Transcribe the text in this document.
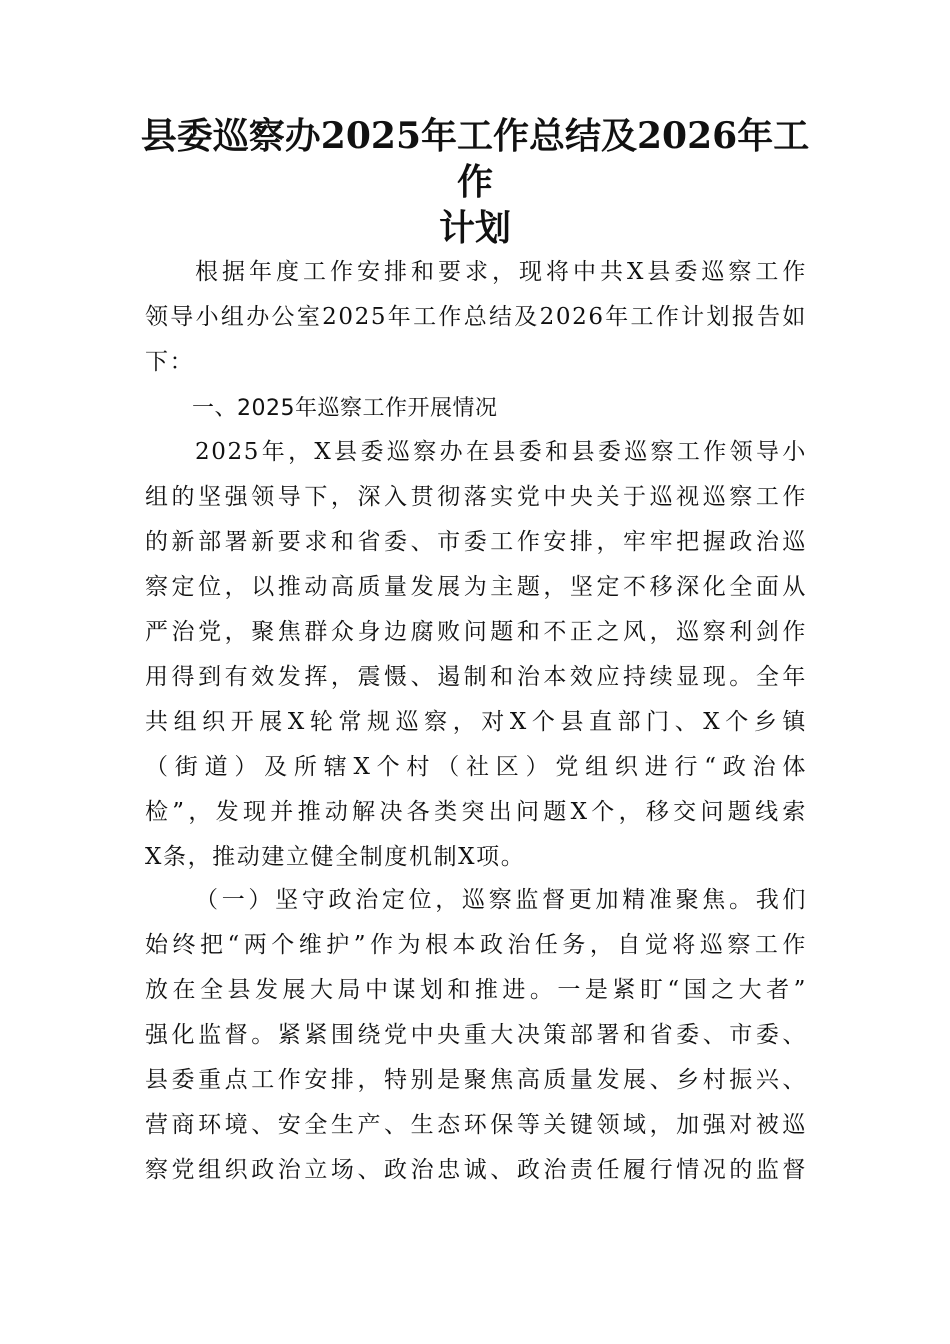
县委巡察办2025年工作总结及2026年工作
计划
根据年度工作安排和要求，现将中共X县委巡察工作
领导小组办公室2025年工作总结及2026年工作计划报告如
下：
一、2025年巡察工作开展情况
2025年，X县委巡察办在县委和县委巡察工作领导小
组的坚强领导下，深入贯彻落实党中央关于巡视巡察工作
的新部署新要求和省委、市委工作安排，牢牢把握政治巡
察定位，以推动高质量发展为主题，坚定不移深化全面从
严治党，聚焦群众身边腐败问题和不正之风，巡察利剑作
用得到有效发挥，震慑、遏制和治本效应持续显现。全年
共组织开展X轮常规巡察，对X个县直部门、X个乡镇
（街道）及所辖X个村（社区）党组织进行“政治体
检”，发现并推动解决各类突出问题X个，移交问题线索
X条，推动建立健全制度机制X项。
（一）坚守政治定位，巡察监督更加精准聚焦。我们
始终把“两个维护”作为根本政治任务，自觉将巡察工作
放在全县发展大局中谋划和推进。一是紧盯“国之大者”
强化监督。紧紧围绕党中央重大决策部署和省委、市委、
县委重点工作安排，特别是聚焦高质量发展、乡村振兴、
营商环境、安全生产、生态环保等关键领域，加强对被巡
察党组织政治立场、政治忠诚、政治责任履行情况的监督
